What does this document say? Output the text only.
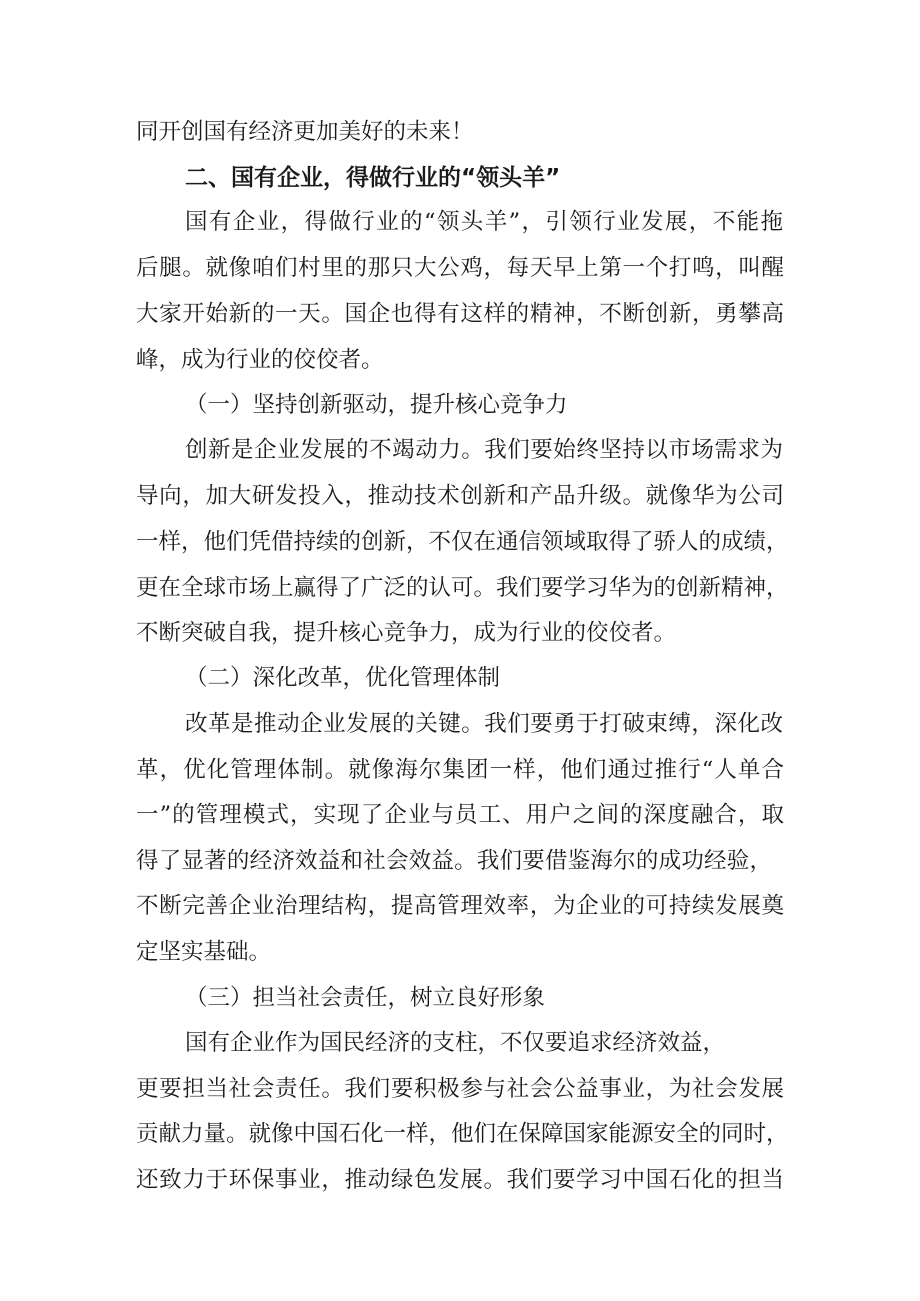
同开创国有经济更加美好的未来！

二、国有企业，得做行业的“领头羊”

国有企业，得做行业的“领头羊”，引领行业发展，不能拖

后腿。就像咱们村里的那只大公鸡，每天早上第一个打鸣，叫醒

大家开始新的一天。国企也得有这样的精神，不断创新，勇攀高

峰，成为行业的佼佼者。

（一）坚持创新驱动，提升核心竞争力

创新是企业发展的不竭动力。我们要始终坚持以市场需求为

导向，加大研发投入，推动技术创新和产品升级。就像华为公司

一样，他们凭借持续的创新，不仅在通信领域取得了骄人的成绩，

更在全球市场上赢得了广泛的认可。我们要学习华为的创新精神，

不断突破自我，提升核心竞争力，成为行业的佼佼者。

（二）深化改革，优化管理体制

改革是推动企业发展的关键。我们要勇于打破束缚，深化改

革，优化管理体制。就像海尔集团一样，他们通过推行“人单合

一”的管理模式，实现了企业与员工、用户之间的深度融合，取

得了显著的经济效益和社会效益。我们要借鉴海尔的成功经验，

不断完善企业治理结构，提高管理效率，为企业的可持续发展奠

定坚实基础。

（三）担当社会责任，树立良好形象

国有企业作为国民经济的支柱，不仅要追求经济效益，

更要担当社会责任。我们要积极参与社会公益事业，为社会发展

贡献力量。就像中国石化一样，他们在保障国家能源安全的同时，

还致力于环保事业，推动绿色发展。我们要学习中国石化的担当
